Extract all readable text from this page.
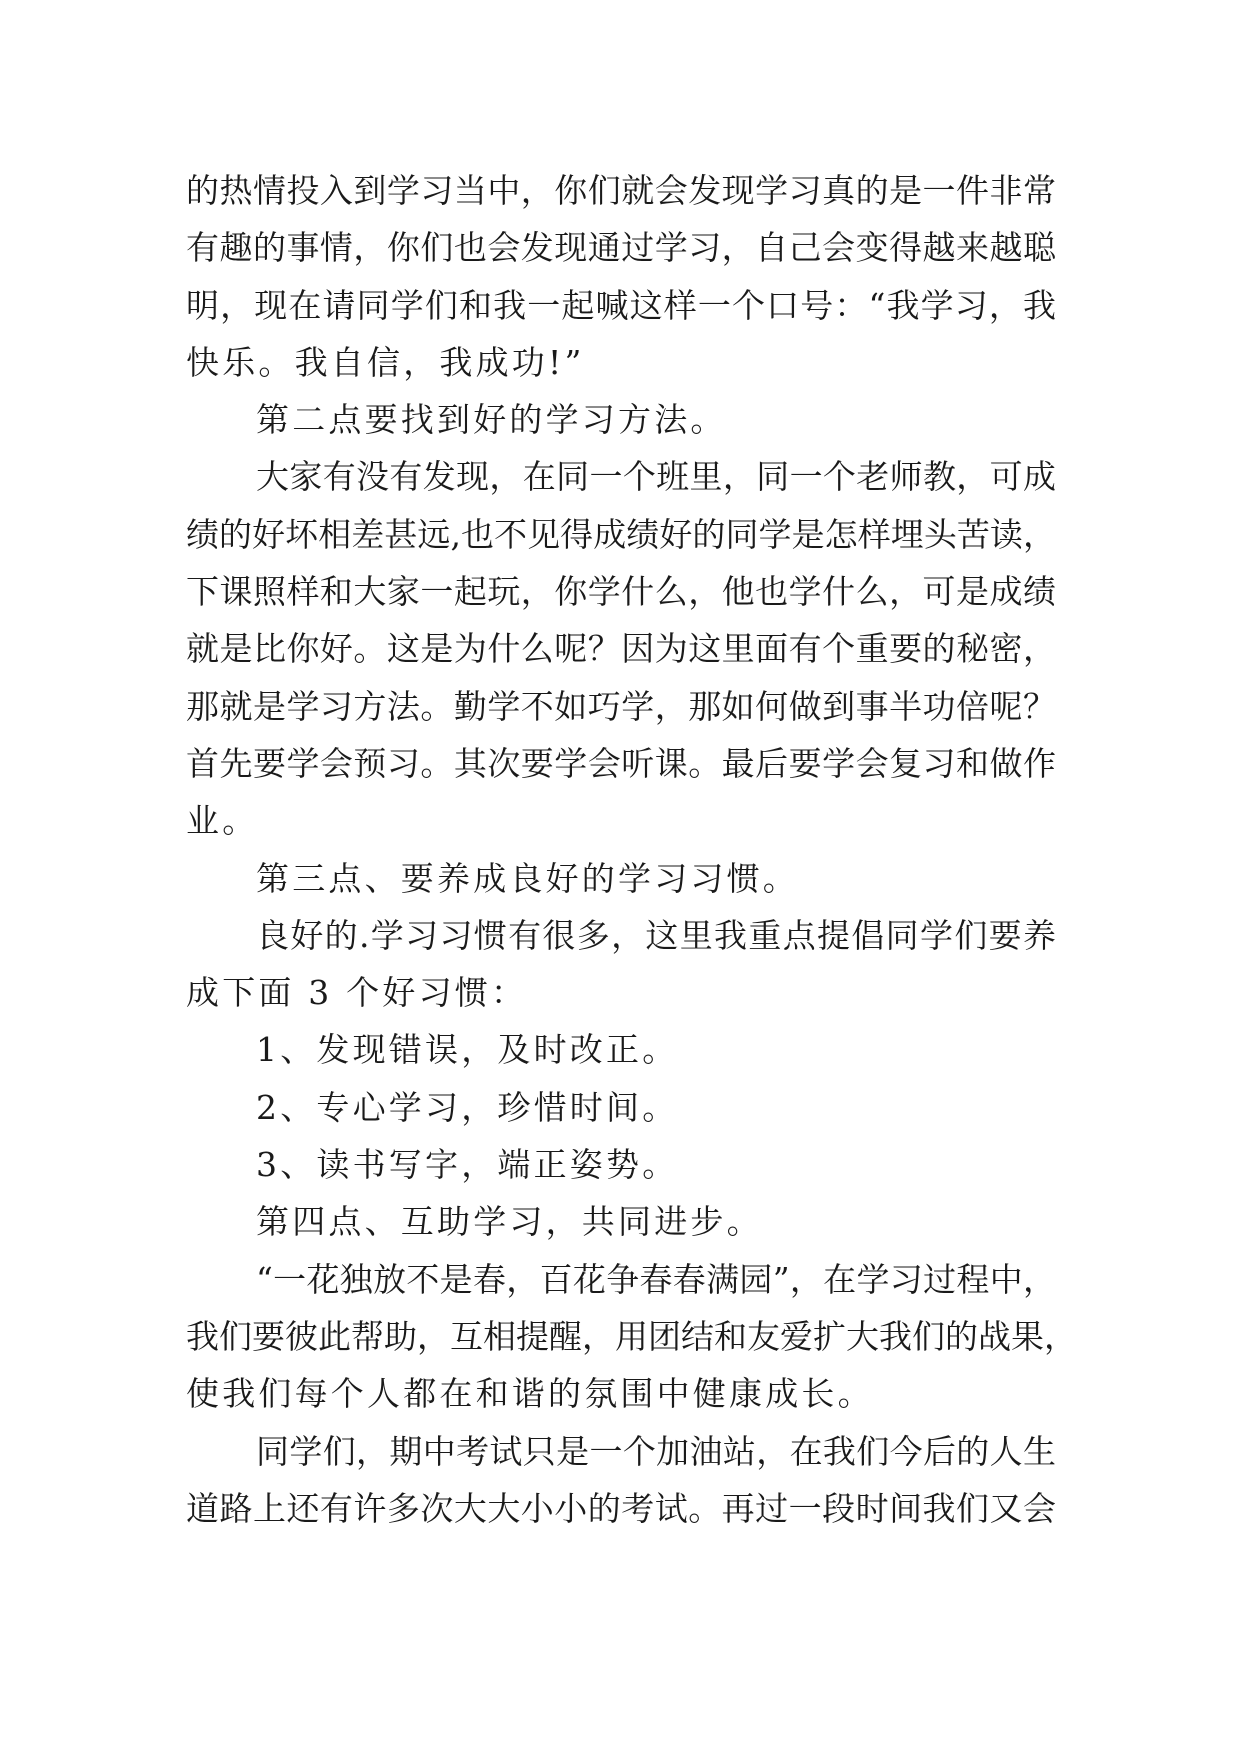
的热情投入到学习当中，你们就会发现学习真的是一件非常
有趣的事情，你们也会发现通过学习，自己会变得越来越聪
明，现在请同学们和我一起喊这样一个口号：“我学习，我
快乐。我自信，我成功!”
第二点要找到好的学习方法。
大家有没有发现，在同一个班里，同一个老师教，可成
绩的好坏相差甚远,也不见得成绩好的同学是怎样埋头苦读，
下课照样和大家一起玩，你学什么，他也学什么，可是成绩
就是比你好。这是为什么呢？因为这里面有个重要的秘密，
那就是学习方法。勤学不如巧学，那如何做到事半功倍呢？
首先要学会预习。其次要学会听课。最后要学会复习和做作
业。
第三点、要养成良好的学习习惯。
良好的.学习习惯有很多，这里我重点提倡同学们要养
成下面 3 个好习惯：
1、发现错误，及时改正。
2、专心学习，珍惜时间。
3、读书写字，端正姿势。
第四点、互助学习，共同进步。
“一花独放不是春，百花争春春满园”，在学习过程中，
我们要彼此帮助，互相提醒，用团结和友爱扩大我们的战果，
使我们每个人都在和谐的氛围中健康成长。
同学们，期中考试只是一个加油站，在我们今后的人生
道路上还有许多次大大小小的考试。再过一段时间我们又会
